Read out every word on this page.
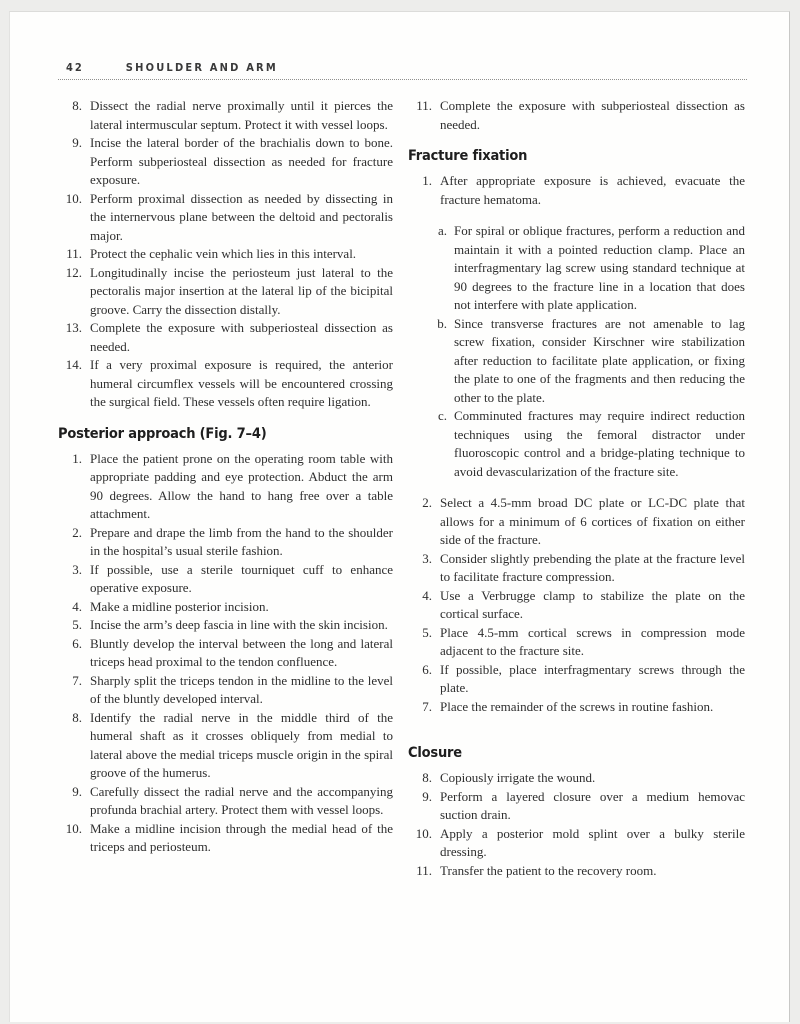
42	SHOULDER AND ARM
8. Dissect the radial nerve proximally until it pierces the lateral intermuscular septum. Protect it with vessel loops.
9. Incise the lateral border of the brachialis down to bone. Perform subperiosteal dissection as needed for fracture exposure.
10. Perform proximal dissection as needed by dissecting in the internervous plane between the deltoid and pectoralis major.
11. Protect the cephalic vein which lies in this interval.
12. Longitudinally incise the periosteum just lateral to the pectoralis major insertion at the lateral lip of the bicipital groove. Carry the dissection distally.
13. Complete the exposure with subperiosteal dissection as needed.
14. If a very proximal exposure is required, the anterior humeral circumflex vessels will be encountered crossing the surgical field. These vessels often require ligation.
Posterior approach (Fig. 7–4)
1. Place the patient prone on the operating room table with appropriate padding and eye protection. Abduct the arm 90 degrees. Allow the hand to hang free over a table attachment.
2. Prepare and drape the limb from the hand to the shoulder in the hospital’s usual sterile fashion.
3. If possible, use a sterile tourniquet cuff to enhance operative exposure.
4. Make a midline posterior incision.
5. Incise the arm’s deep fascia in line with the skin incision.
6. Bluntly develop the interval between the long and lateral triceps head proximal to the tendon confluence.
7. Sharply split the triceps tendon in the midline to the level of the bluntly developed interval.
8. Identify the radial nerve in the middle third of the humeral shaft as it crosses obliquely from medial to lateral above the medial triceps muscle origin in the spiral groove of the humerus.
9. Carefully dissect the radial nerve and the accompanying profunda brachial artery. Protect them with vessel loops.
10. Make a midline incision through the medial head of the triceps and periosteum.
11. Complete the exposure with subperiosteal dissection as needed.
Fracture fixation
1. After appropriate exposure is achieved, evacuate the fracture hematoma.
a. For spiral or oblique fractures, perform a reduction and maintain it with a pointed reduction clamp. Place an interfragmentary lag screw using standard technique at 90 degrees to the fracture line in a location that does not interfere with plate application.
b. Since transverse fractures are not amenable to lag screw fixation, consider Kirschner wire stabilization after reduction to facilitate plate application, or fixing the plate to one of the fragments and then reducing the other to the plate.
c. Comminuted fractures may require indirect reduction techniques using the femoral distractor under fluoroscopic control and a bridge-plating technique to avoid devascularization of the fracture site.
2. Select a 4.5-mm broad DC plate or LC-DC plate that allows for a minimum of 6 cortices of fixation on either side of the fracture.
3. Consider slightly prebending the plate at the fracture level to facilitate fracture compression.
4. Use a Verbrugge clamp to stabilize the plate on the cortical surface.
5. Place 4.5-mm cortical screws in compression mode adjacent to the fracture site.
6. If possible, place interfragmentary screws through the plate.
7. Place the remainder of the screws in routine fashion.
Closure
8. Copiously irrigate the wound.
9. Perform a layered closure over a medium hemovac suction drain.
10. Apply a posterior mold splint over a bulky sterile dressing.
11. Transfer the patient to the recovery room.
